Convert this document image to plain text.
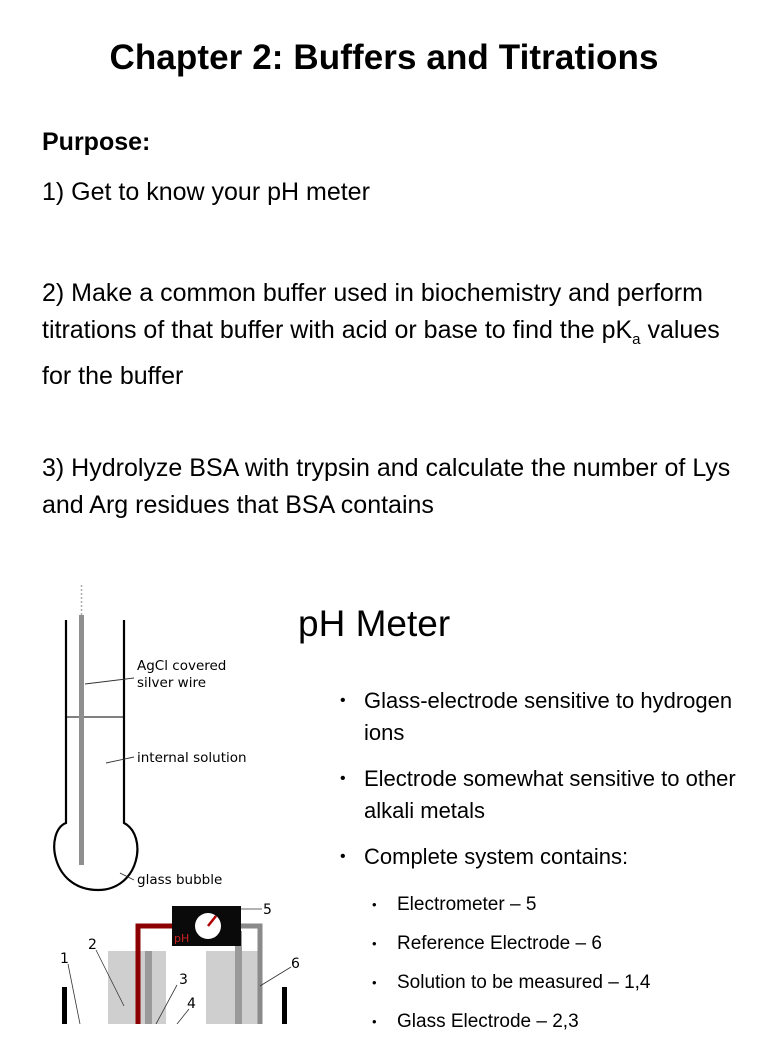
Chapter 2: Buffers and Titrations
Purpose:
1) Get to know your pH meter
2) Make a common buffer used in biochemistry and perform titrations of that buffer with acid or base to find the $pK_a$ values for the buffer
3) Hydrolyze BSA with trypsin and calculate the number of Lys and Arg residues that BSA contains
AgCl covered
silver wire
internal solution
glass bubble
pH
5
6
2
1
3
4
pH Meter
• Glass-electrode sensitive to hydrogen ions
• Electrode somewhat sensitive to other alkali metals
• Complete system contains:
• Electrometer – 5
• Reference Electrode – 6
• Solution to be measured – 1,4
• Glass Electrode – 2,3
